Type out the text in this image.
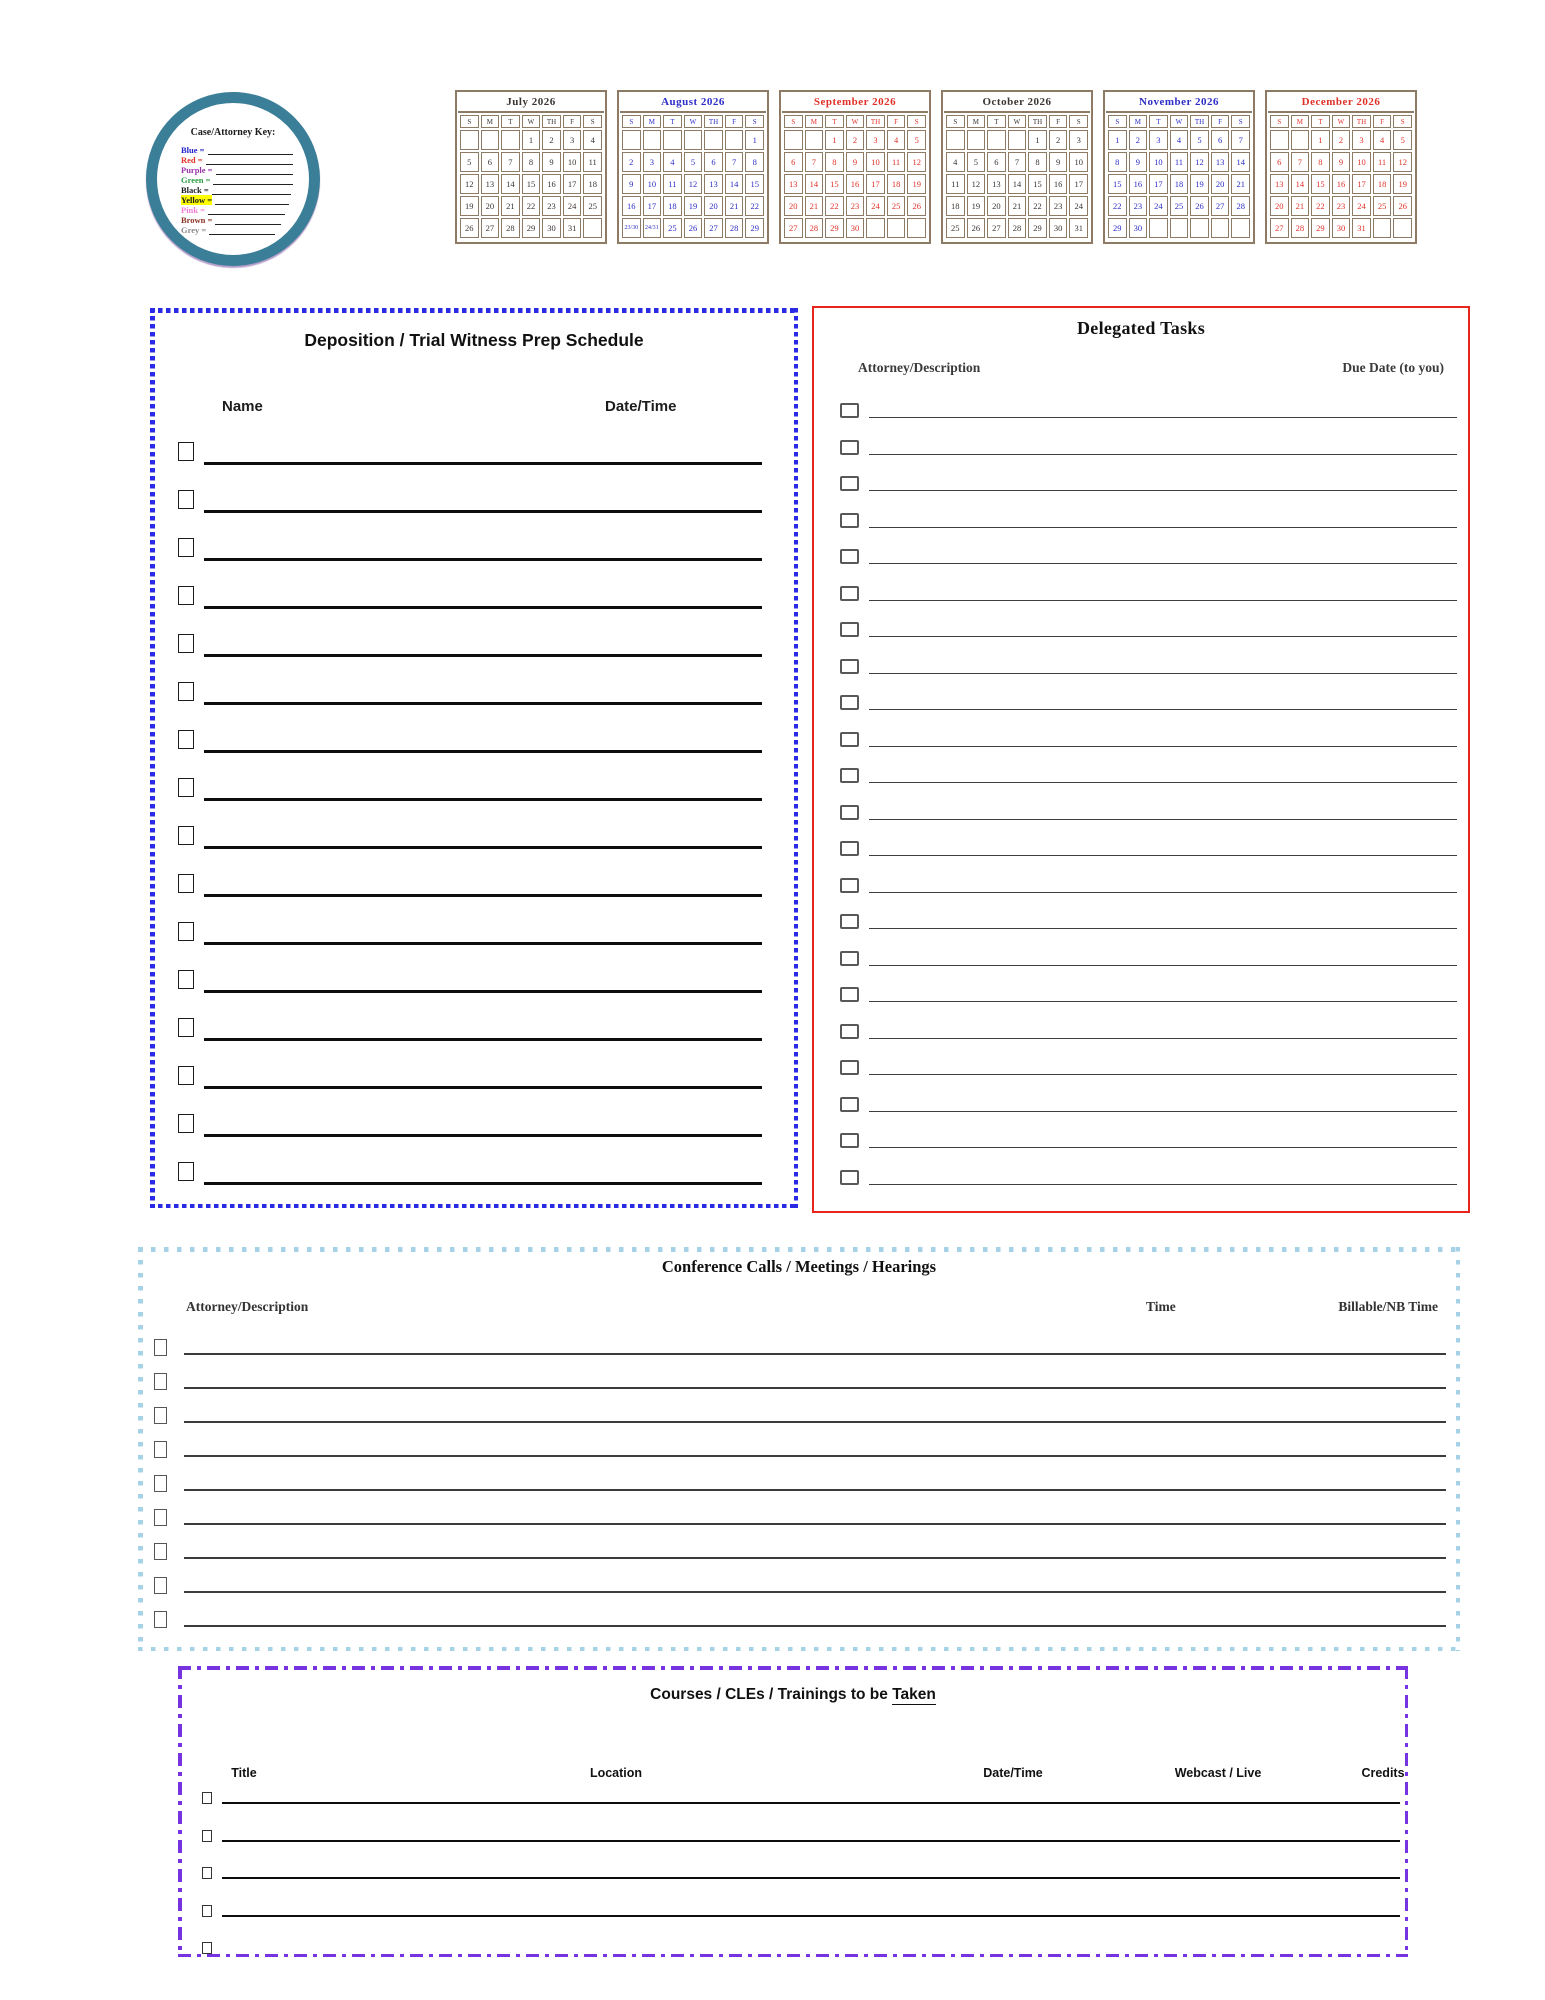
Case/Attorney Key:
Blue =
Red =
Purple =
Green =
Black =
Yellow =
Pink =
Brown =
Grey =
July 2026
S	M	T	W	TH	F	S
			1	2	3	4
5	6	7	8	9	10	11
12	13	14	15	16	17	18
19	20	21	22	23	24	25
26	27	28	29	30	31	
August 2026
S	M	T	W	TH	F	S
						1
2	3	4	5	6	7	8
9	10	11	12	13	14	15
16	17	18	19	20	21	22
23/30	24/31	25	26	27	28	29
September 2026
S	M	T	W	TH	F	S
		1	2	3	4	5
6	7	8	9	10	11	12
13	14	15	16	17	18	19
20	21	22	23	24	25	26
27	28	29	30			
October 2026
S	M	T	W	TH	F	S
				1	2	3
4	5	6	7	8	9	10
11	12	13	14	15	16	17
18	19	20	21	22	23	24
25	26	27	28	29	30	31
November 2026
S	M	T	W	TH	F	S
1	2	3	4	5	6	7
8	9	10	11	12	13	14
15	16	17	18	19	20	21
22	23	24	25	26	27	28
29	30					
December 2026
S	M	T	W	TH	F	S
		1	2	3	4	5
6	7	8	9	10	11	12
13	14	15	16	17	18	19
20	21	22	23	24	25	26
27	28	29	30	31		
Deposition / Trial Witness Prep Schedule
Name	Date/Time
Delegated Tasks
Attorney/Description	Due Date (to you)
Conference Calls / Meetings / Hearings
Attorney/Description	Time	Billable/NB Time
Courses / CLEs / Trainings to be Taken
Title	Location	Date/Time	Webcast / Live	Credits
